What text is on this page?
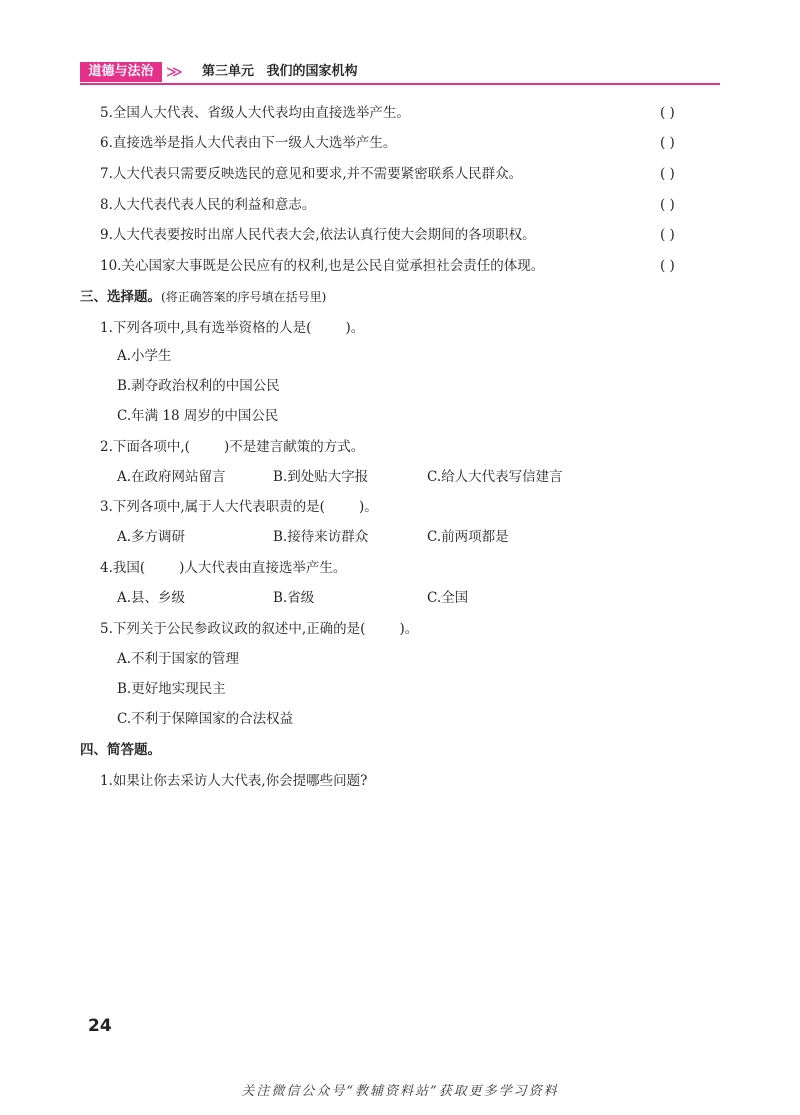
道德与法治 ≫ 第三单元 我们的国家机构
5.全国人大代表、省级人大代表均由直接选举产生。	( )
6.直接选举是指人大代表由下一级人大选举产生。	( )
7.人大代表只需要反映选民的意见和要求,并不需要紧密联系人民群众。	( )
8.人大代表代表人民的利益和意志。	( )
9.人大代表要按时出席人民代表大会,依法认真行使大会期间的各项职权。	( )
10.关心国家大事既是公民应有的权利,也是公民自觉承担社会责任的体现。	( )
三、选择题。(将正确答案的序号填在括号里)
1.下列各项中,具有选举资格的人是(	)。
A.小学生
B.剥夺政治权利的中国公民
C.年满 18 周岁的中国公民
2.下面各项中,(	)不是建言献策的方式。
A.在政府网站留言	B.到处贴大字报	C.给人大代表写信建言
3.下列各项中,属于人大代表职责的是(	)。
A.多方调研	B.接待来访群众	C.前两项都是
4.我国(	)人大代表由直接选举产生。
A.县、乡级	B.省级	C.全国
5.下列关于公民参政议政的叙述中,正确的是(	)。
A.不利于国家的管理
B.更好地实现民主
C.不利于保障国家的合法权益
四、简答题。
1.如果让你去采访人大代表,你会提哪些问题?
24
关注微信公众号“教辅资料站”获取更多学习资料
